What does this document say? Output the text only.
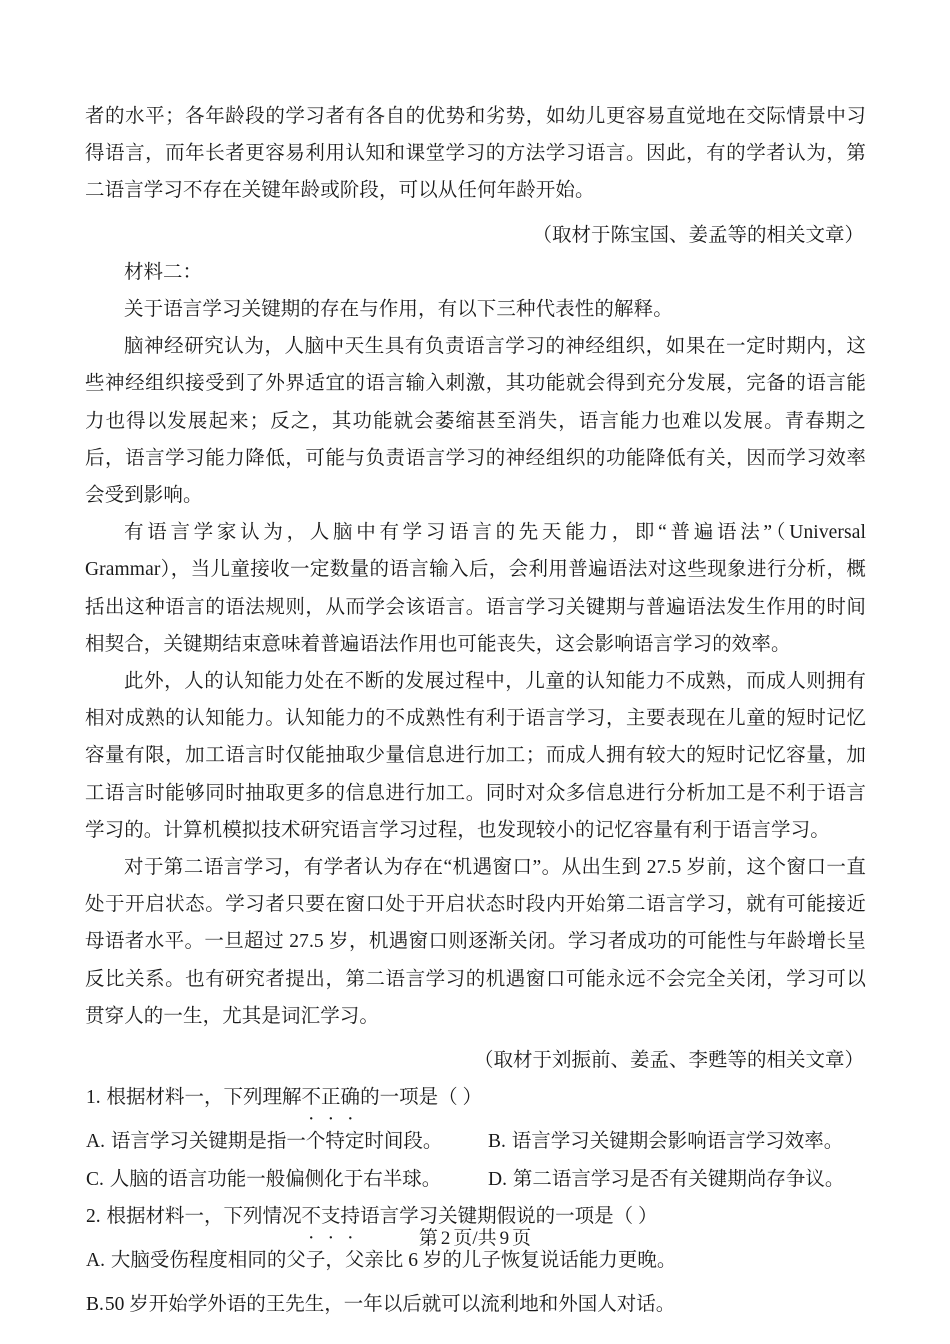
者的水平；各年龄段的学习者有各自的优势和劣势，如幼儿更容易直觉地在交际情景中习得语言，而年长者更容易利用认知和课堂学习的方法学习语言。因此，有的学者认为，第二语言学习不存在关键年龄或阶段，可以从任何年龄开始。

（取材于陈宝国、姜孟等的相关文章）

材料二：

关于语言学习关键期的存在与作用，有以下三种代表性的解释。

脑神经研究认为，人脑中天生具有负责语言学习的神经组织，如果在一定时期内，这些神经组织接受到了外界适宜的语言输入刺激，其功能就会得到充分发展，完备的语言能力也得以发展起来；反之，其功能就会萎缩甚至消失，语言能力也难以发展。青春期之后，语言学习能力降低，可能与负责语言学习的神经组织的功能降低有关，因而学习效率会受到影响。

有语言学家认为，人脑中有学习语言的先天能力，即“普遍语法”（Universal Grammar），当儿童接收一定数量的语言输入后，会利用普遍语法对这些现象进行分析，概括出这种语言的语法规则，从而学会该语言。语言学习关键期与普遍语法发生作用的时间相契合，关键期结束意味着普遍语法作用也可能丧失，这会影响语言学习的效率。

此外，人的认知能力处在不断的发展过程中，儿童的认知能力不成熟，而成人则拥有相对成熟的认知能力。认知能力的不成熟性有利于语言学习，主要表现在儿童的短时记忆容量有限，加工语言时仅能抽取少量信息进行加工；而成人拥有较大的短时记忆容量，加工语言时能够同时抽取更多的信息进行加工。同时对众多信息进行分析加工是不利于语言学习的。计算机模拟技术研究语言学习过程，也发现较小的记忆容量有利于语言学习。

对于第二语言学习，有学者认为存在“机遇窗口”。从出生到 27.5 岁前，这个窗口一直处于开启状态。学习者只要在窗口处于开启状态时段内开始第二语言学习，就有可能接近母语者水平。一旦超过 27.5 岁，机遇窗口则逐渐关闭。学习者成功的可能性与年龄增长呈反比关系。也有研究者提出，第二语言学习的机遇窗口可能永远不会完全关闭，学习可以贯穿人的一生，尤其是词汇学习。

（取材于刘振前、姜孟、李甦等的相关文章）

1. 根据材料一，下列理解不正确的一项是（ ）

A. 语言学习关键期是指一个特定时间段。	B. 语言学习关键期会影响语言学习效率。
C. 人脑的语言功能一般偏侧化于右半球。	D. 第二语言学习是否有关键期尚存争议。

2. 根据材料一，下列情况不支持语言学习关键期假说的一项是（ ）

A. 大脑受伤程度相同的父子，父亲比 6 岁的儿子恢复说话能力更晚。

B.50 岁开始学外语的王先生，一年以后就可以流利地和外国人对话。

第 2 页/共 9 页
